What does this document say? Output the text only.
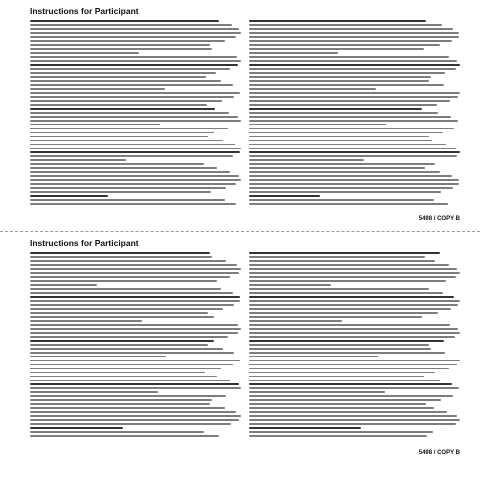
Instructions for Participant
5498 / COPY B
Instructions for Participant
5498 / COPY B
